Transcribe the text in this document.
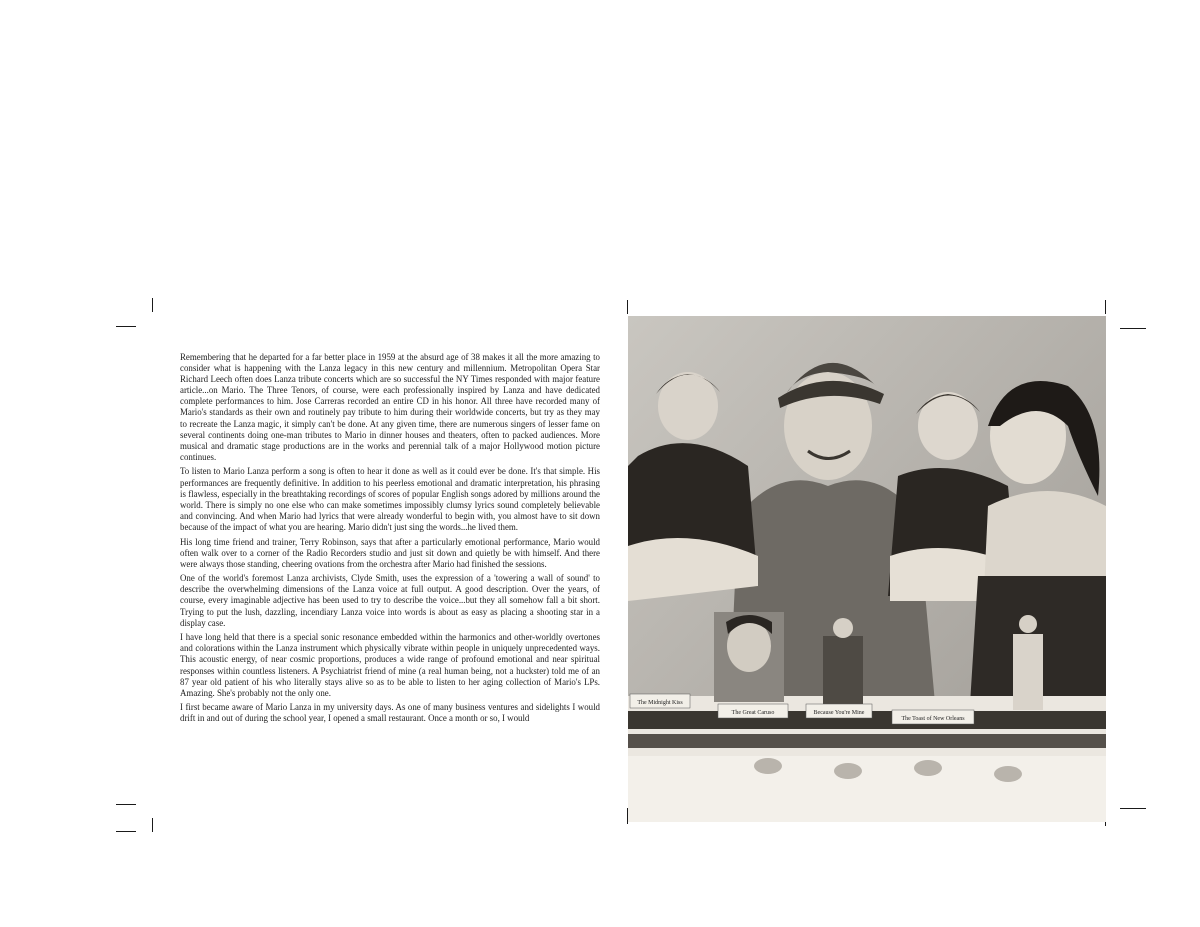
Remembering that he departed for a far better place in 1959 at the absurd age of 38 makes it all the more amazing to consider what is happening with the Lanza legacy in this new century and millennium. Metropolitan Opera Star Richard Leech often does Lanza tribute concerts which are so successful the NY Times responded with major feature article...on Mario. The Three Tenors, of course, were each professionally inspired by Lanza and have dedicated complete performances to him. Jose Carreras recorded an entire CD in his honor. All three have recorded many of Mario's standards as their own and routinely pay tribute to him during their worldwide concerts, but try as they may to recreate the Lanza magic, it simply can't be done. At any given time, there are numerous singers of lesser fame on several continents doing one-man tributes to Mario in dinner houses and theaters, often to packed audiences. More musical and dramatic stage productions are in the works and perennial talk of a major Hollywood motion picture continues.

To listen to Mario Lanza perform a song is often to hear it done as well as it could ever be done. It's that simple. His performances are frequently definitive. In addition to his peerless emotional and dramatic interpretation, his phrasing is flawless, especially in the breathtaking recordings of scores of popular English songs adored by millions around the world. There is simply no one else who can make sometimes impossibly clumsy lyrics sound completely believable and convincing. And when Mario had lyrics that were already wonderful to begin with, you almost have to sit down because of the impact of what you are hearing. Mario didn't just sing the words...he lived them.

His long time friend and trainer, Terry Robinson, says that after a particularly emotional performance, Mario would often walk over to a corner of the Radio Recorders studio and just sit down and quietly be with himself. And there were always those standing, cheering ovations from the orchestra after Mario had finished the sessions.

One of the world's foremost Lanza archivists, Clyde Smith, uses the expression of a 'towering a wall of sound' to describe the overwhelming dimensions of the Lanza voice at full output. A good description. Over the years, of course, every imaginable adjective has been used to try to describe the voice...but they all somehow fall a bit short. Trying to put the lush, dazzling, incendiary Lanza voice into words is about as easy as placing a shooting star in a display case.

I have long held that there is a special sonic resonance embedded within the harmonics and other-worldly overtones and colorations within the Lanza instrument which physically vibrate within people in uniquely unprecedented ways. This acoustic energy, of near cosmic proportions, produces a wide range of profound emotional and near spiritual responses within countless listeners. A Psychiatrist friend of mine (a real human being, not a huckster) told me of an 87 year old patient of his who literally stays alive so as to be able to listen to her aging collection of Mario's LPs. Amazing. She's probably not the only one.

I first became aware of Mario Lanza in my university days. As one of many business ventures and sidelights I would drift in and out of during the school year, I opened a small restaurant. Once a month or so, I would

The Midnight Kiss
The Great Caruso	Because You're Mine
The Toast of New Orleans
